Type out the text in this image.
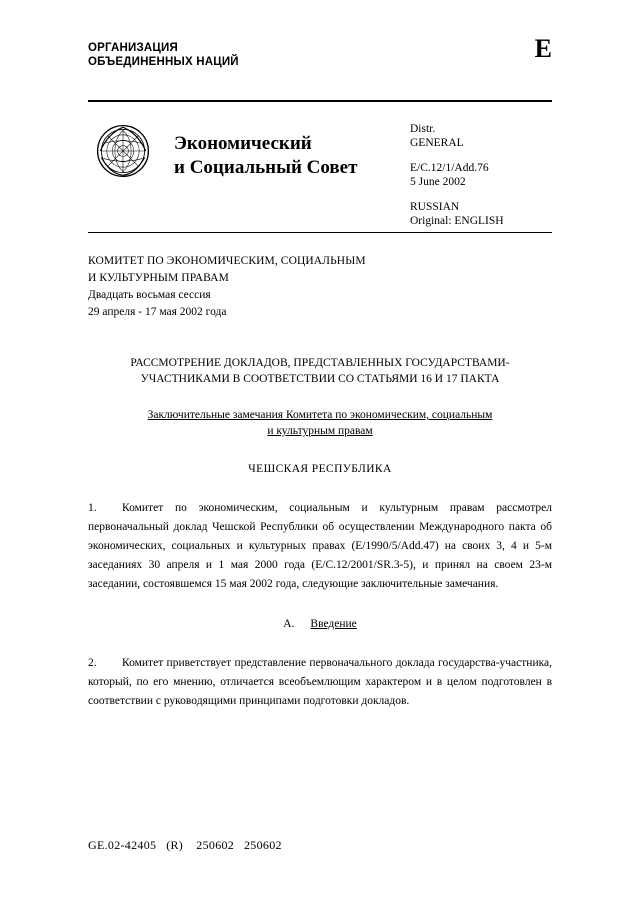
ОРГАНИЗАЦИЯ
ОБЪЕДИНЕННЫХ НАЦИЙ	E
Экономический
и Социальный Совет
Distr.
GENERAL
E/C.12/1/Add.76
5 June 2002
RUSSIAN
Original: ENGLISH
КОМИТЕТ ПО ЭКОНОМИЧЕСКИМ, СОЦИАЛЬНЫМ
И КУЛЬТУРНЫМ ПРАВАМ
Двадцать восьмая сессия
29 апреля - 17 мая 2002 года
РАССМОТРЕНИЕ ДОКЛАДОВ, ПРЕДСТАВЛЕННЫХ ГОСУДАРСТВАМИ-
УЧАСТНИКАМИ В СООТВЕТСТВИИ СО СТАТЬЯМИ 16 И 17 ПАКТА
Заключительные замечания Комитета по экономическим, социальным
и культурным правам
ЧЕШСКАЯ РЕСПУБЛИКА
1. Комитет по экономическим, социальным и культурным правам рассмотрел первоначальный доклад Чешской Республики об осуществлении Международного пакта об экономических, социальных и культурных правах (E/1990/5/Add.47) на своих 3, 4 и 5-м заседаниях 30 апреля и 1 мая 2000 года (E/C.12/2001/SR.3-5), и принял на своем 23-м заседании, состоявшемся 15 мая 2002 года, следующие заключительные замечания.
А. Введение
2. Комитет приветствует представление первоначального доклада государства-участника, который, по его мнению, отличается всеобъемлющим характером и в целом подготовлен в соответствии с руководящими принципами подготовки докладов.
GE.02-42405   (R)    250602   250602
